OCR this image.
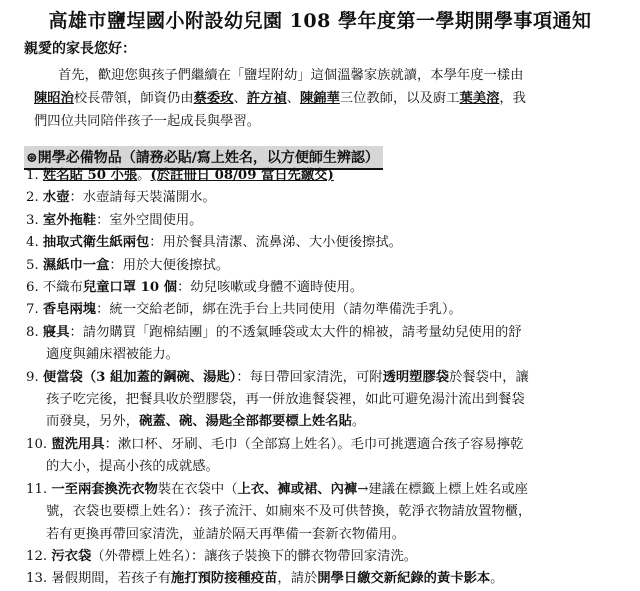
高雄市鹽埕國小附設幼兒園 108 學年度第一學期開學事項通知
親愛的家長您好：
首先，歡迎您與孩子們繼續在「鹽埕附幼」這個溫馨家族就讀，本學年度一樣由
陳昭治校長帶領，師資仍由蔡委玫、許方禎、陳錦華三位教師，以及廚工葉美溶，我
們四位共同陪伴孩子一起成長與學習。
⊛開學必備物品（請務必貼/寫上姓名，以方便師生辨認）
1. 姓名貼 50 小張。(於註冊日 08/09 當日先繳交)
2. 水壺：水壺請每天裝滿開水。
3. 室外拖鞋：室外空間使用。
4. 抽取式衛生紙兩包：用於餐具清潔、流鼻涕、大小便後擦拭。
5. 濕紙巾一盒：用於大便後擦拭。
6. 不織布兒童口罩 10 個：幼兒咳嗽或身體不適時使用。
7. 香皂兩塊：統一交給老師，綁在洗手台上共同使用（請勿準備洗手乳）。
8. 寢具：請勿購買「跑棉結團」的不透氣睡袋或太大件的棉被，請考量幼兒使用的舒
適度與鋪床褶被能力。
9. 便當袋（3 組加蓋的鋼碗、湯匙）：每日帶回家清洗，可附透明塑膠袋於餐袋中，讓
孩子吃完後，把餐具收於塑膠袋，再一併放進餐袋裡，如此可避免湯汁流出到餐袋
而發臭，另外，碗蓋、碗、湯匙全部都要標上姓名貼。
10. 盥洗用具：漱口杯、牙刷、毛巾（全部寫上姓名）。毛巾可挑選適合孩子容易擰乾
的大小，提高小孩的成就感。
11. 一至兩套換洗衣物裝在衣袋中（上衣、褲或裙、內褲→建議在標籤上標上姓名或座
號，衣袋也要標上姓名）：孩子流汗、如廁來不及可供替換，乾淨衣物請放置物櫃，
若有更換再帶回家清洗，並請於隔天再準備一套新衣物備用。
12. 污衣袋（外帶標上姓名）：讓孩子裝換下的髒衣物帶回家清洗。
13. 暑假期間，若孩子有施打預防接種疫苗，請於開學日繳交新紀錄的黃卡影本。
